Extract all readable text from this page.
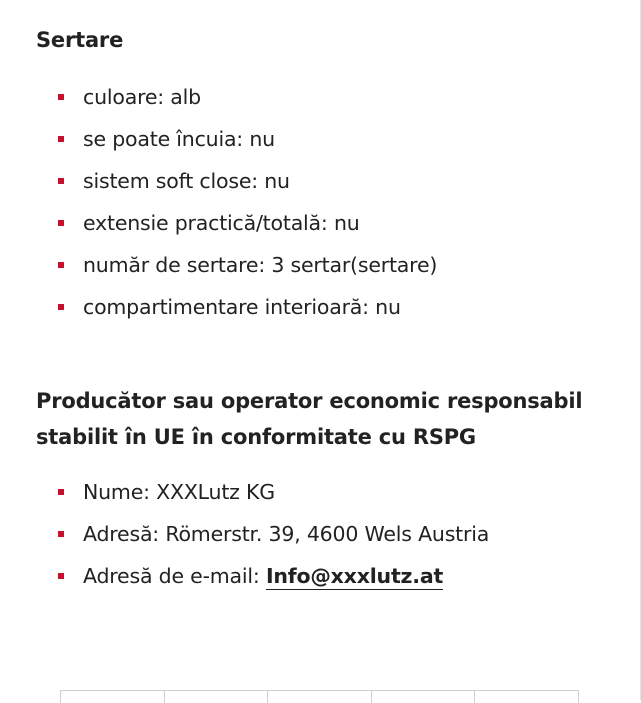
Sertare
culoare: alb
se poate încuia: nu
sistem soft close: nu
extensie practică/totală: nu
număr de sertare: 3 sertar(sertare)
compartimentare interioară: nu
Producător sau operator economic responsabil stabilit în UE în conformitate cu RSPG
Nume: XXXLutz KG
Adresă: Römerstr. 39, 4600 Wels Austria
Adresă de e-mail: Info@xxxlutz.at
